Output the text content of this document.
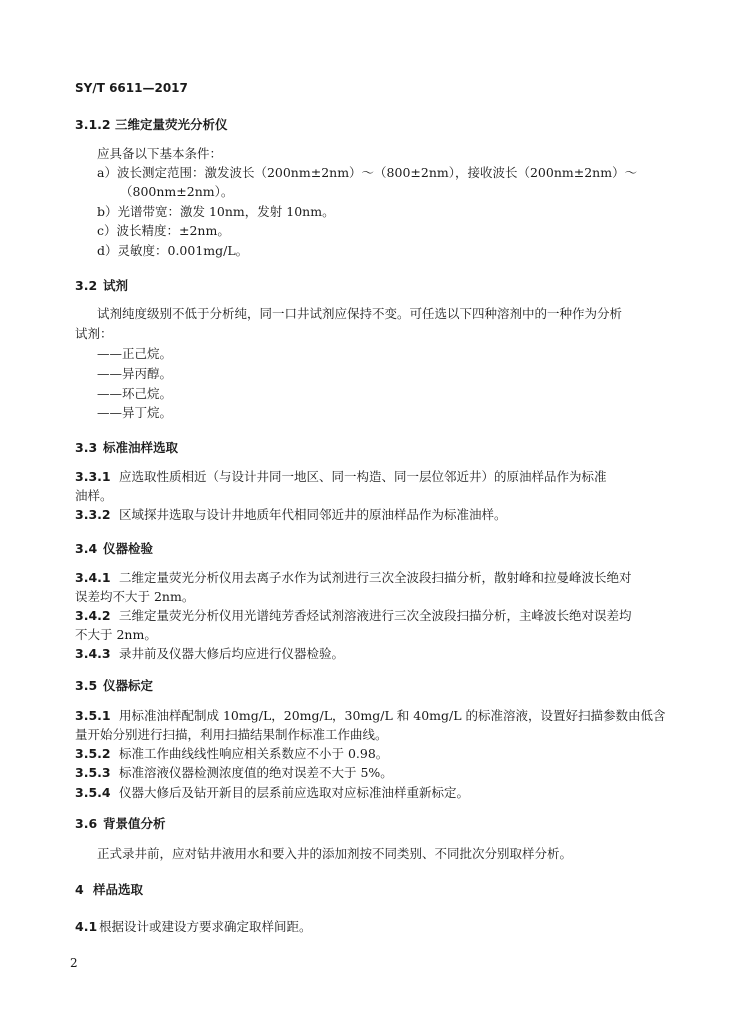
SY/T 6611—2017
3.1.2 三维定量荧光分析仪
应具备以下基本条件：
a）波长测定范围：激发波长（200nm±2nm）～（800±2nm），接收波长（200nm±2nm）～
（800nm±2nm）。
b）光谱带宽：激发 10nm，发射 10nm。
c）波长精度：±2nm。
d）灵敏度：0.001mg/L。
3.2 试剂
试剂纯度级别不低于分析纯，同一口井试剂应保持不变。可任选以下四种溶剂中的一种作为分析
试剂：
——正己烷。
——异丙醇。
——环己烷。
——异丁烷。
3.3 标准油样选取
3.3.1 应选取性质相近（与设计井同一地区、同一构造、同一层位邻近井）的原油样品作为标准
油样。
3.3.2 区域探井选取与设计井地质年代相同邻近井的原油样品作为标准油样。
3.4 仪器检验
3.4.1 二维定量荧光分析仪用去离子水作为试剂进行三次全波段扫描分析，散射峰和拉曼峰波长绝对
误差均不大于 2nm。
3.4.2 三维定量荧光分析仪用光谱纯芳香烃试剂溶液进行三次全波段扫描分析，主峰波长绝对误差均
不大于 2nm。
3.4.3 录井前及仪器大修后均应进行仪器检验。
3.5 仪器标定
3.5.1 用标准油样配制成 10mg/L，20mg/L，30mg/L 和 40mg/L 的标准溶液，设置好扫描参数由低含
量开始分别进行扫描，利用扫描结果制作标准工作曲线。
3.5.2 标准工作曲线线性响应相关系数应不小于 0.98。
3.5.3 标准溶液仪器检测浓度值的绝对误差不大于 5%。
3.5.4 仪器大修后及钻开新目的层系前应选取对应标准油样重新标定。
3.6 背景值分析
正式录井前，应对钻井液用水和要入井的添加剂按不同类别、不同批次分别取样分析。
4 样品选取
4.1 根据设计或建设方要求确定取样间距。
2
